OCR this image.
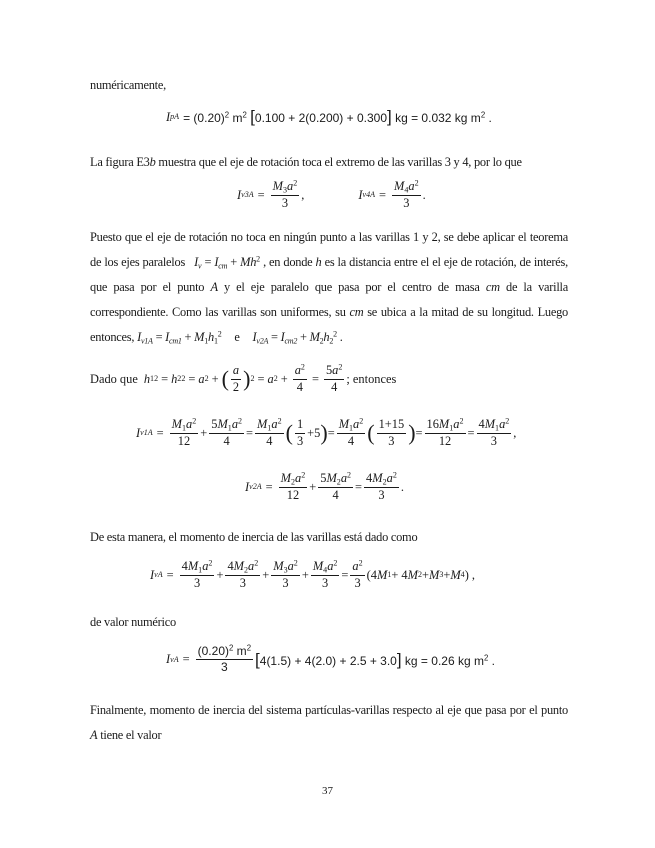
numéricamente,
I pA = $(0.20)^2$ $m^2$ [0.100 + 2(0.200) + 0.300] kg = 0.032 kg $m^2$ .
La figura E3b muestra que el eje de rotación toca el extremo de las varillas 3 y 4, por lo que
I $v3A = \frac{M_3a^2}{3}$ ,	I $v4A = \frac{M_4a^2}{3}$ .
Puesto que el eje de rotación no toca en ningún punto a las varillas 1 y 2, se debe aplicar el teorema de los ejes paralelos $I_v = I_{cm} + Mh^2$ , en donde h es la distancia entre el el eje de rotación, de interés, que pasa por el punto A y el eje paralelo que pasa por el centro de masa cm de la varilla correspondiente. Como las varillas son uniformes, su cm se ubica a la mitad de su longitud. Luego entonces, $I_{v1A} = I_{cm1} + M_1h_1^2$ e $I_{v2A} = I_{cm2} + M_2h_2^2$ .
Dado que h 1 2 = h 2 2 = a 2 + ( $\frac{a}{2}$ ) 2 = a $2 + \frac{a^2}{4} = \frac{5a^2}{4}$ ; entonces
I $v1A = \frac{M_1a^2}{12} + \frac{5M_1a^2}{4} = \frac{M_1a^2}{4}$ ( $\frac{1}{3} +5$ ) = $\frac{M_1a^2}{4}$ ( $\frac{1+15}{3}$ ) = $\frac{16M_1a^2}{12} = \frac{4M_1a^2}{3}$ ,
I $v2A = \frac{M_2a^2}{12} + \frac{5M_2a^2}{4} = \frac{4M_2a^2}{3}$ .
De esta manera, el momento de inercia de las varillas está dado como
I vA = $\frac{4M_1a^2}{3} + \frac{4M_2a^2}{3} + \frac{M_3a^2}{3} + \frac{M_4a^2}{3} = \frac{a^2}{3} (4$ M 1 + 4 M 2 + M 3 + M 4 ) ,
de valor numérico
I vA = $\frac{(0.20)^2 m^2}{3} [4(1.5) + 4(2.0) + 2.5 + 3.0]$ kg = 0.26 kg $m^2$ .
Finalmente, momento de inercia del sistema partículas-varillas respecto al eje que pasa por el punto A tiene el valor
37
